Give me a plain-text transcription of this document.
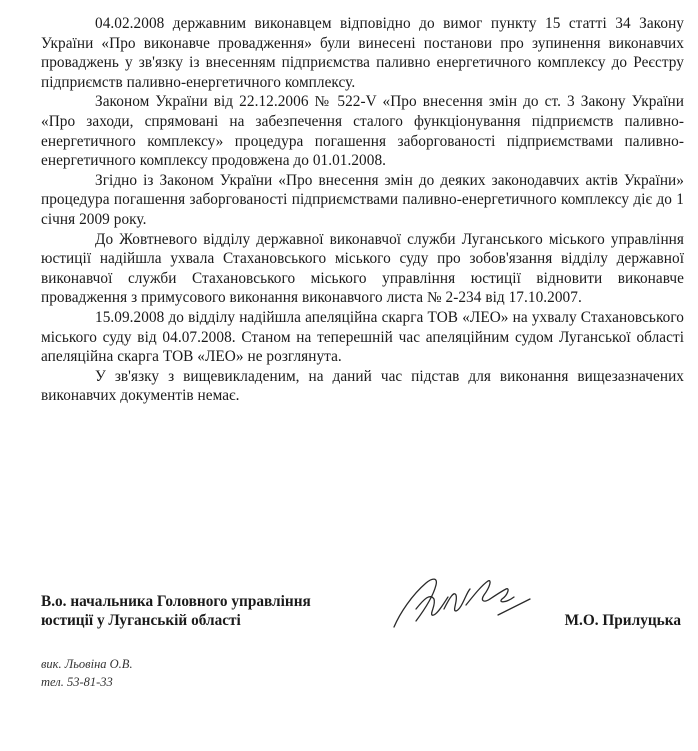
04.02.2008 державним виконавцем відповідно до вимог пункту 15 статті 34 Закону України «Про виконавче провадження» були винесені постанови про зупинення виконавчих проваджень у зв'язку із внесенням підприємства паливно енергетичного комплексу до Реєстру підприємств паливно-енергетичного комплексу.

Законом України від 22.12.2006 № 522-V «Про внесення змін до ст. 3 Закону України «Про заходи, спрямовані на забезпечення сталого функціонування підприємств паливно-енергетичного комплексу» процедура погашення заборгованості підприємствами паливно-енергетичного комплексу продовжена до 01.01.2008.

Згідно із Законом України «Про внесення змін до деяких законодавчих актів України» процедура погашення заборгованості підприємствами паливно-енергетичного комплексу діє до 1 січня 2009 року.

До Жовтневого відділу державної виконавчої служби Луганського міського управління юстиції надійшла ухвала Стахановського міського суду про зобов'язання відділу державної виконавчої служби Стахановського міського управління юстиції відновити виконавче провадження з примусового виконання виконавчого листа № 2-234 від 17.10.2007.

15.09.2008 до відділу надійшла апеляційна скарга ТОВ «ЛЕО» на ухвалу Стахановського міського суду від 04.07.2008. Станом на теперешній час апеляційним судом Луганської області апеляційна скарга ТОВ «ЛЕО» не розглянута.

У зв'язку з вищевикладеним, на даний час підстав для виконання вищезазначених виконавчих документів немає.

В.о. начальника Головного управління
юстиції у Луганській області	М.О. Прилуцька
вик. Льовіна О.В.
тел. 53-81-33
